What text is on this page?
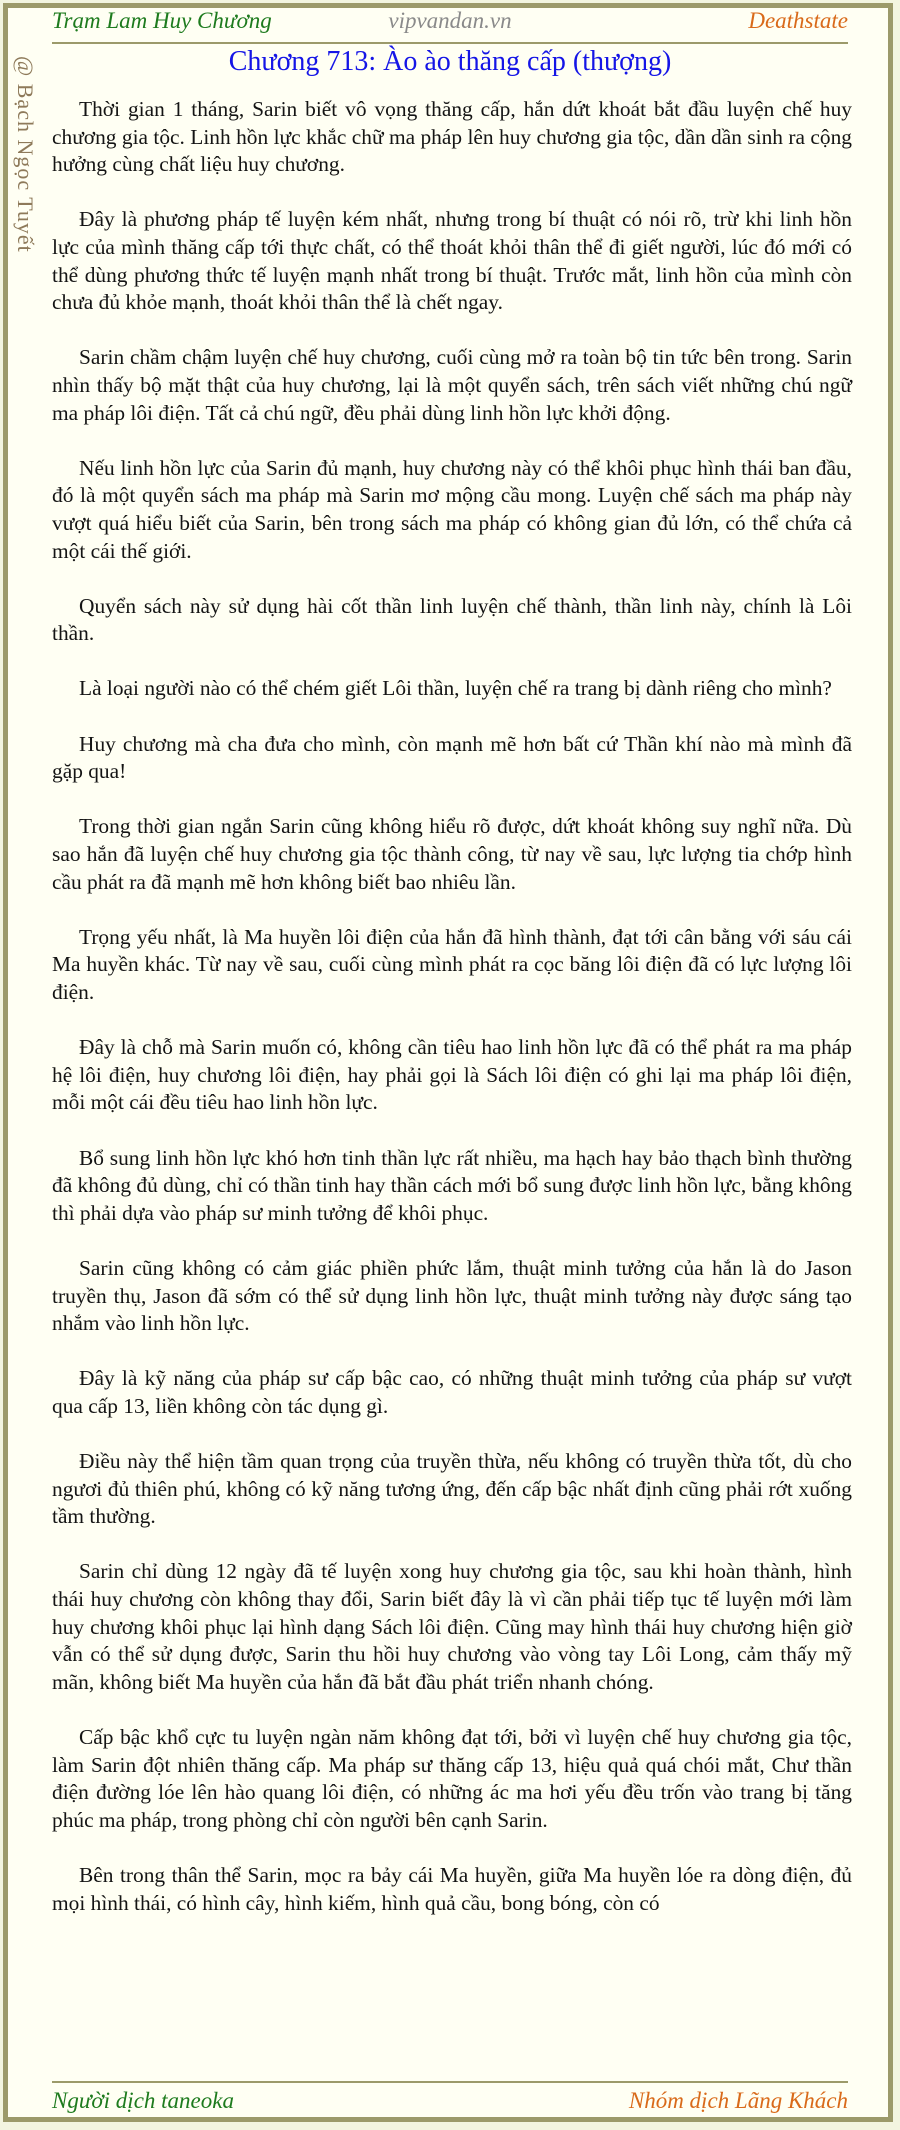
Trạm Lam Huy Chương	vipvandan.vn	Deathstate
@ Bạch Ngọc Tuyết	Chương 713: Ào ào thăng cấp (thượng)

Thời gian 1 tháng, Sarin biết vô vọng thăng cấp, hắn dứt khoát bắt đầu luyện chế huy chương gia tộc. Linh hồn lực khắc chữ ma pháp lên huy chương gia tộc, dần dần sinh ra cộng hưởng cùng chất liệu huy chương.

Đây là phương pháp tế luyện kém nhất, nhưng trong bí thuật có nói rõ, trừ khi linh hồn lực của mình thăng cấp tới thực chất, có thể thoát khỏi thân thể đi giết người, lúc đó mới có thể dùng phương thức tế luyện mạnh nhất trong bí thuật. Trước mắt, linh hồn của mình còn chưa đủ khỏe mạnh, thoát khỏi thân thể là chết ngay.

Sarin chầm chậm luyện chế huy chương, cuối cùng mở ra toàn bộ tin tức bên trong. Sarin nhìn thấy bộ mặt thật của huy chương, lại là một quyển sách, trên sách viết những chú ngữ ma pháp lôi điện. Tất cả chú ngữ, đều phải dùng linh hồn lực khởi động.

Nếu linh hồn lực của Sarin đủ mạnh, huy chương này có thể khôi phục hình thái ban đầu, đó là một quyển sách ma pháp mà Sarin mơ mộng cầu mong. Luyện chế sách ma pháp này vượt quá hiểu biết của Sarin, bên trong sách ma pháp có không gian đủ lớn, có thể chứa cả một cái thế giới.

Quyển sách này sử dụng hài cốt thần linh luyện chế thành, thần linh này, chính là Lôi thần.

Là loại người nào có thể chém giết Lôi thần, luyện chế ra trang bị dành riêng cho mình?

Huy chương mà cha đưa cho mình, còn mạnh mẽ hơn bất cứ Thần khí nào mà mình đã gặp qua!

Trong thời gian ngắn Sarin cũng không hiểu rõ được, dứt khoát không suy nghĩ nữa. Dù sao hắn đã luyện chế huy chương gia tộc thành công, từ nay về sau, lực lượng tia chớp hình cầu phát ra đã mạnh mẽ hơn không biết bao nhiêu lần.

Trọng yếu nhất, là Ma huyền lôi điện của hắn đã hình thành, đạt tới cân bằng với sáu cái Ma huyền khác. Từ nay về sau, cuối cùng mình phát ra cọc băng lôi điện đã có lực lượng lôi điện.

Đây là chỗ mà Sarin muốn có, không cần tiêu hao linh hồn lực đã có thể phát ra ma pháp hệ lôi điện, huy chương lôi điện, hay phải gọi là Sách lôi điện có ghi lại ma pháp lôi điện, mỗi một cái đều tiêu hao linh hồn lực.

Bổ sung linh hồn lực khó hơn tinh thần lực rất nhiều, ma hạch hay bảo thạch bình thường đã không đủ dùng, chỉ có thần tinh hay thần cách mới bổ sung được linh hồn lực, bằng không thì phải dựa vào pháp sư minh tưởng để khôi phục.

Sarin cũng không có cảm giác phiền phức lắm, thuật minh tưởng của hắn là do Jason truyền thụ, Jason đã sớm có thể sử dụng linh hồn lực, thuật minh tưởng này được sáng tạo nhắm vào linh hồn lực.

Đây là kỹ năng của pháp sư cấp bậc cao, có những thuật minh tưởng của pháp sư vượt qua cấp 13, liền không còn tác dụng gì.

Điều này thể hiện tầm quan trọng của truyền thừa, nếu không có truyền thừa tốt, dù cho ngươi đủ thiên phú, không có kỹ năng tương ứng, đến cấp bậc nhất định cũng phải rớt xuống tầm thường.

Sarin chỉ dùng 12 ngày đã tế luyện xong huy chương gia tộc, sau khi hoàn thành, hình thái huy chương còn không thay đổi, Sarin biết đây là vì cần phải tiếp tục tế luyện mới làm huy chương khôi phục lại hình dạng Sách lôi điện. Cũng may hình thái huy chương hiện giờ vẫn có thể sử dụng được, Sarin thu hồi huy chương vào vòng tay Lôi Long, cảm thấy mỹ mãn, không biết Ma huyền của hắn đã bắt đầu phát triển nhanh chóng.

Cấp bậc khổ cực tu luyện ngàn năm không đạt tới, bởi vì luyện chế huy chương gia tộc, làm Sarin đột nhiên thăng cấp. Ma pháp sư thăng cấp 13, hiệu quả quá chói mắt, Chư thần điện đường lóe lên hào quang lôi điện, có những ác ma hơi yếu đều trốn vào trang bị tăng phúc ma pháp, trong phòng chỉ còn người bên cạnh Sarin.

Bên trong thân thể Sarin, mọc ra bảy cái Ma huyền, giữa Ma huyền lóe ra dòng điện, đủ mọi hình thái, có hình cây, hình kiếm, hình quả cầu, bong bóng, còn có

Người dịch taneoka	Nhóm dịch Lãng Khách
